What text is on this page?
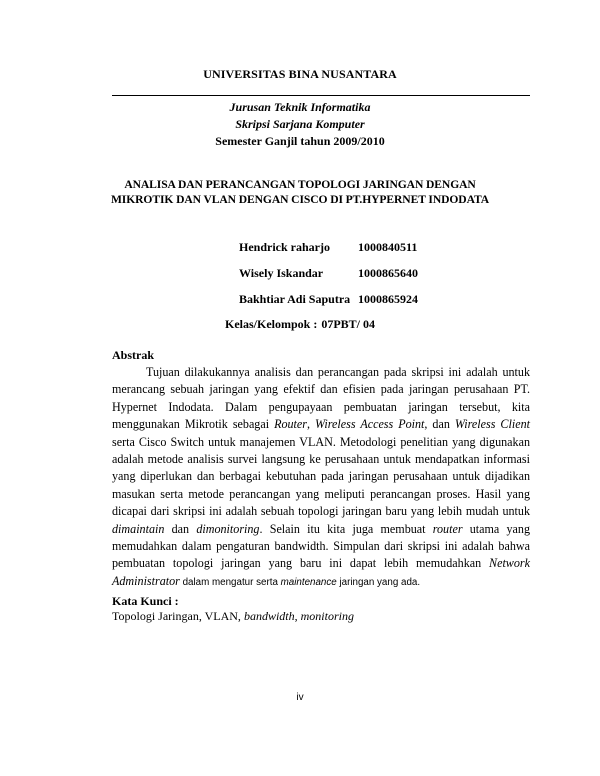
UNIVERSITAS BINA NUSANTARA
Jurusan Teknik Informatika
Skripsi Sarjana Komputer
Semester Ganjil tahun 2009/2010
ANALISA DAN PERANCANGAN TOPOLOGI JARINGAN DENGAN
MIKROTIK DAN VLAN DENGAN CISCO DI PT.HYPERNET INDODATA
Hendrick raharjo 1000840511
Wisely Iskandar	1000865640
Bakhtiar Adi Saputra 1000865924
Kelas/Kelompok : 07PBT/ 04
Abstrak
Tujuan dilakukannya analisis dan perancangan pada skripsi ini adalah untuk merancang sebuah jaringan yang efektif dan efisien pada jaringan perusahaan PT. Hypernet Indodata. Dalam pengupayaan pembuatan jaringan tersebut, kita menggunakan Mikrotik sebagai Router, Wireless Access Point, dan Wireless Client serta Cisco Switch untuk manajemen VLAN. Metodologi penelitian yang digunakan adalah metode analisis survei langsung ke perusahaan untuk mendapatkan informasi yang diperlukan dan berbagai kebutuhan pada jaringan perusahaan untuk dijadikan masukan serta metode perancangan yang meliputi perancangan proses. Hasil yang dicapai dari skripsi ini adalah sebuah topologi jaringan baru yang lebih mudah untuk dimaintain dan dimonitoring. Selain itu kita juga membuat router utama yang memudahkan dalam pengaturan bandwidth. Simpulan dari skripsi ini adalah bahwa pembuatan topologi jaringan yang baru ini dapat lebih memudahkan Network Administrator dalam mengatur serta maintenance jaringan yang ada.
Kata Kunci :
Topologi Jaringan, VLAN, bandwidth, monitoring
iv
